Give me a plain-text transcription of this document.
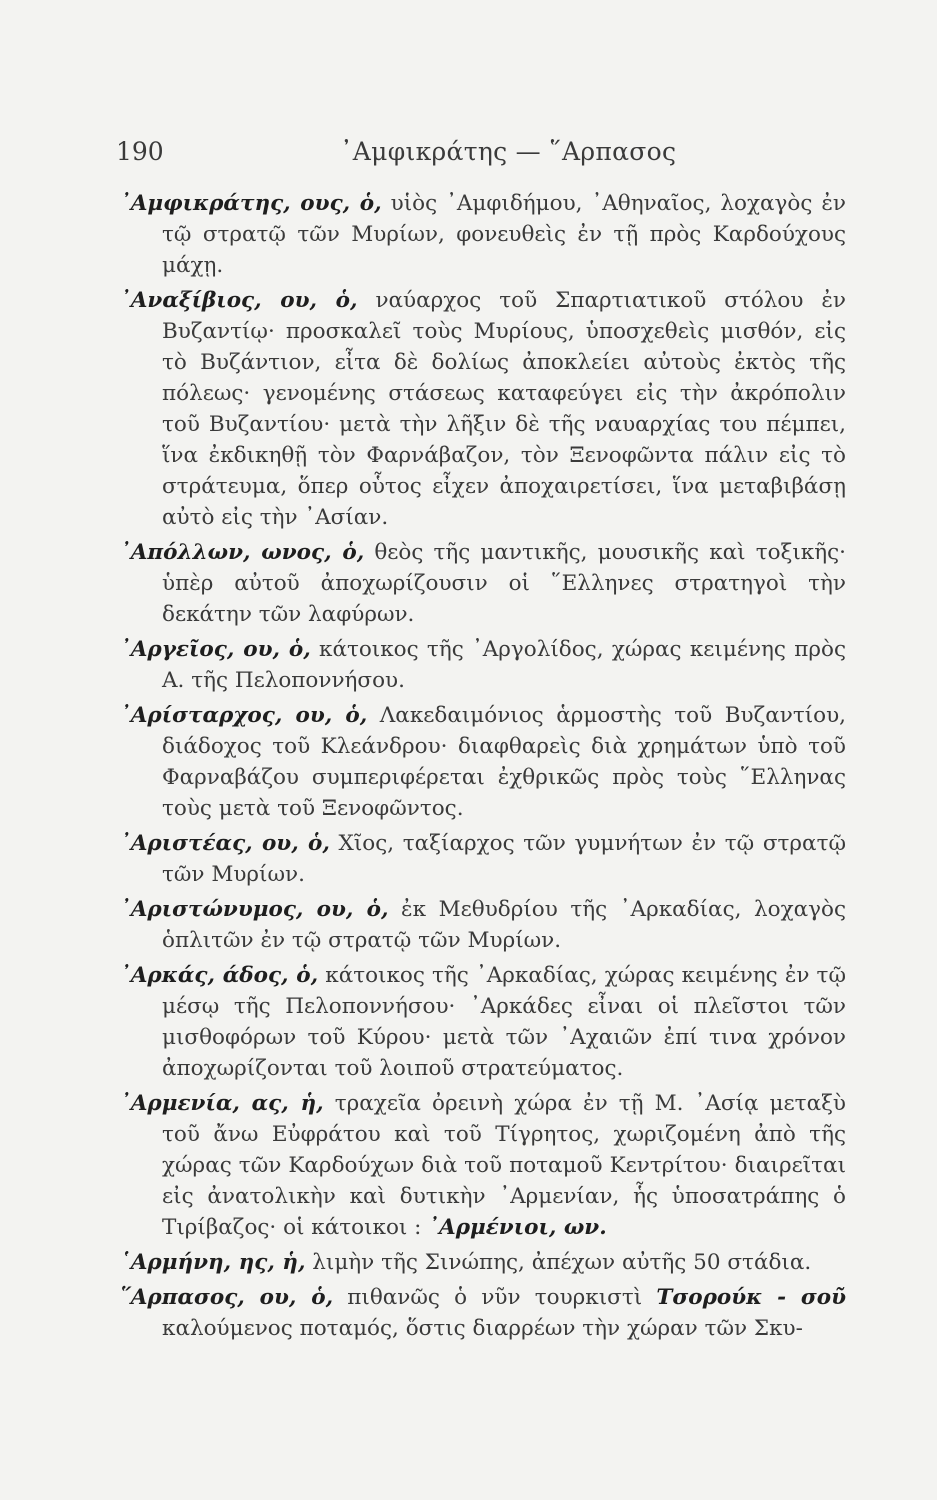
190	᾿Αμφικράτης — ῞Αρπασος

᾿Αμφικράτης, ους, ὁ, υἱὸς ᾿Αμφιδήμου, ᾿Αθηναῖος, λοχαγὸς ἐν τῷ στρατῷ τῶν Μυρίων, φονευθεὶς ἐν τῇ πρὸς Καρδούχους μάχῃ.

᾿Αναξίβιος, ου, ὁ, ναύαρχος τοῦ Σπαρτιατικοῦ στόλου ἐν Βυζαντίῳ· προσκαλεῖ τοὺς Μυρίους, ὑποσχεθεὶς μισθόν, εἰς τὸ Βυζάντιον, εἶτα δὲ δολίως ἀποκλείει αὐτοὺς ἐκτὸς τῆς πόλεως· γενομένης στάσεως καταφεύγει εἰς τὴν ἀκρόπολιν τοῦ Βυζαντίου· μετὰ τὴν λῆξιν δὲ τῆς ναυαρχίας του πέμπει, ἵνα ἐκδικηθῇ τὸν Φαρνάβαζον, τὸν Ξενοφῶντα πάλιν εἰς τὸ στράτευμα, ὅπερ οὗτος εἶχεν ἀποχαιρετίσει, ἵνα μεταβιβάσῃ αὐτὸ εἰς τὴν ᾿Ασίαν.

᾿Απόλλων, ωνος, ὁ, θεὸς τῆς μαντικῆς, μουσικῆς καὶ τοξικῆς· ὑπὲρ αὐτοῦ ἀποχωρίζουσιν οἱ ῞Ελληνες στρατηγοὶ τὴν δεκάτην τῶν λαφύρων.

᾿Αργεῖος, ου, ὁ, κάτοικος τῆς ᾿Αργολίδος, χώρας κειμένης πρὸς Α. τῆς Πελοποννήσου.

᾿Αρίσταρχος, ου, ὁ, Λακεδαιμόνιος ἁρμοστὴς τοῦ Βυζαντίου, διάδοχος τοῦ Κλεάνδρου· διαφθαρεὶς διὰ χρημάτων ὑπὸ τοῦ Φαρναβάζου συμπεριφέρεται ἐχθρικῶς πρὸς τοὺς ῞Ελληνας τοὺς μετὰ τοῦ Ξενοφῶντος.

᾿Αριστέας, ου, ὁ, Χῖος, ταξίαρχος τῶν γυμνήτων ἐν τῷ στρατῷ τῶν Μυρίων.

᾿Αριστώνυμος, ου, ὁ, ἐκ Μεθυδρίου τῆς ᾿Αρκαδίας, λοχαγὸς ὁπλιτῶν ἐν τῷ στρατῷ τῶν Μυρίων.

᾿Αρκάς, άδος, ὁ, κάτοικος τῆς ᾿Αρκαδίας, χώρας κειμένης ἐν τῷ μέσῳ τῆς Πελοποννήσου· ᾿Αρκάδες εἶναι οἱ πλεῖστοι τῶν μισθοφόρων τοῦ Κύρου· μετὰ τῶν ᾿Αχαιῶν ἐπί τινα χρόνον ἀποχωρίζονται τοῦ λοιποῦ στρατεύματος.

᾿Αρμενία, ας, ἡ, τραχεῖα ὀρεινὴ χώρα ἐν τῇ Μ. ᾿Ασίᾳ μεταξὺ τοῦ ἄνω Εὐφράτου καὶ τοῦ Τίγρητος, χωριζομένη ἀπὸ τῆς χώρας τῶν Καρδούχων διὰ τοῦ ποταμοῦ Κεντρίτου· διαιρεῖται εἰς ἀνατολικὴν καὶ δυτικὴν ᾿Αρμενίαν, ἧς ὑποσατράπης ὁ Τιρίβαζος· οἱ κάτοικοι : ᾿Αρμένιοι, ων.

῾Αρμήνη, ης, ἡ, λιμὴν τῆς Σινώπης, ἀπέχων αὐτῆς 50 στάδια.

῞Αρπασος, ου, ὁ, πιθανῶς ὁ νῦν τουρκιστὶ Τσορούκ - σοῦ καλούμενος ποταμός, ὅστις διαρρέων τὴν χώραν τῶν Σκυ-
